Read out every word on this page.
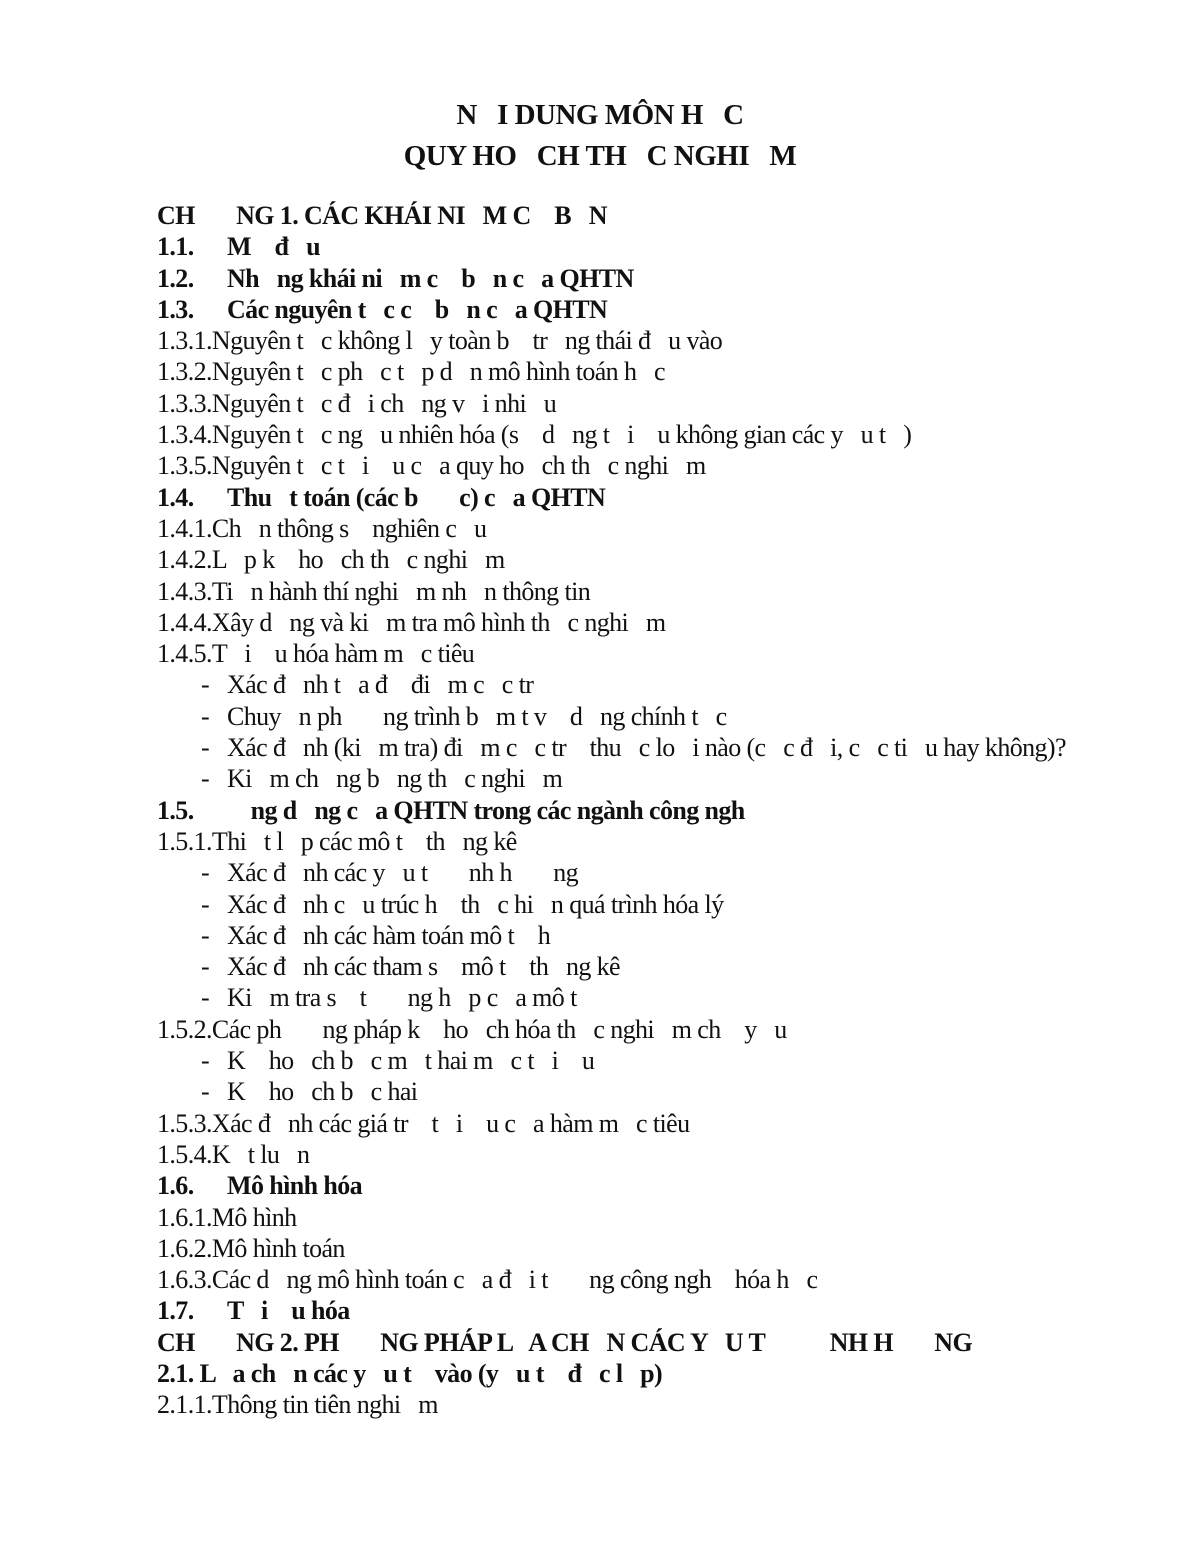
N   I DUNG MÔN H   C
QUY HO   CH TH   C NGHI   M
CH       NG 1. CÁC KHÁI NI   M C    B   N
1.1. M    đ   u
1.2. Nh   ng khái ni   m c    b   n c   a QHTN
1.3. Các nguyên t   c c    b   n c   a QHTN
1.3.1.Nguyên t   c không l   y toàn b    tr   ng thái đ   u vào
1.3.2.Nguyên t   c ph   c t   p d   n mô hình toán h   c
1.3.3.Nguyên t   c đ   i ch   ng v   i nhi   u
1.3.4.Nguyên t   c ng   u nhiên hóa (s    d   ng t   i    u không gian các y   u t   )
1.3.5.Nguyên t   c t   i    u c   a quy ho   ch th   c nghi   m
1.4. Thu   t toán (các b       c) c   a QHTN
1.4.1.Ch   n thông s    nghiên c   u
1.4.2.L   p k    ho   ch th   c nghi   m
1.4.3.Ti   n hành thí nghi   m nh   n thông tin
1.4.4.Xây d   ng và ki   m tra mô hình th   c nghi   m
1.4.5.T   i    u hóa hàm m   c tiêu
- Xác đ   nh t   a đ    đi   m c   c tr
- Chuy   n ph       ng trình b   m t v    d   ng chính t   c
- Xác đ   nh (ki   m tra) đi   m c   c tr    thu   c lo   i nào (c   c đ   i, c   c ti   u hay không)?
- Ki   m ch   ng b   ng th   c nghi   m
1.5.    ng d   ng c   a QHTN trong các ngành công ngh
1.5.1.Thi   t l   p các mô t    th   ng kê
- Xác đ   nh các y   u t       nh h       ng
- Xác đ   nh c   u trúc h    th   c hi   n quá trình hóa lý
- Xác đ   nh các hàm toán mô t    h
- Xác đ   nh các tham s    mô t    th   ng kê
- Ki   m tra s    t       ng h   p c   a mô t
1.5.2.Các ph       ng pháp k    ho   ch hóa th   c nghi   m ch    y   u
- K    ho   ch b   c m   t hai m   c t   i    u
- K    ho   ch b   c hai
1.5.3.Xác đ   nh các giá tr    t   i    u c   a hàm m   c tiêu
1.5.4.K   t lu   n
1.6. Mô hình hóa
1.6.1.Mô hình
1.6.2.Mô hình toán
1.6.3.Các d   ng mô hình toán c   a đ   i t       ng công ngh    hóa h   c
1.7. T   i    u hóa
CH       NG 2. PH       NG PHÁP L   A CH   N CÁC Y   U T           NH H       NG
2.1. L   a ch   n các y   u t    vào (y   u t    đ   c l   p)
2.1.1.Thông tin tiên nghi   m
